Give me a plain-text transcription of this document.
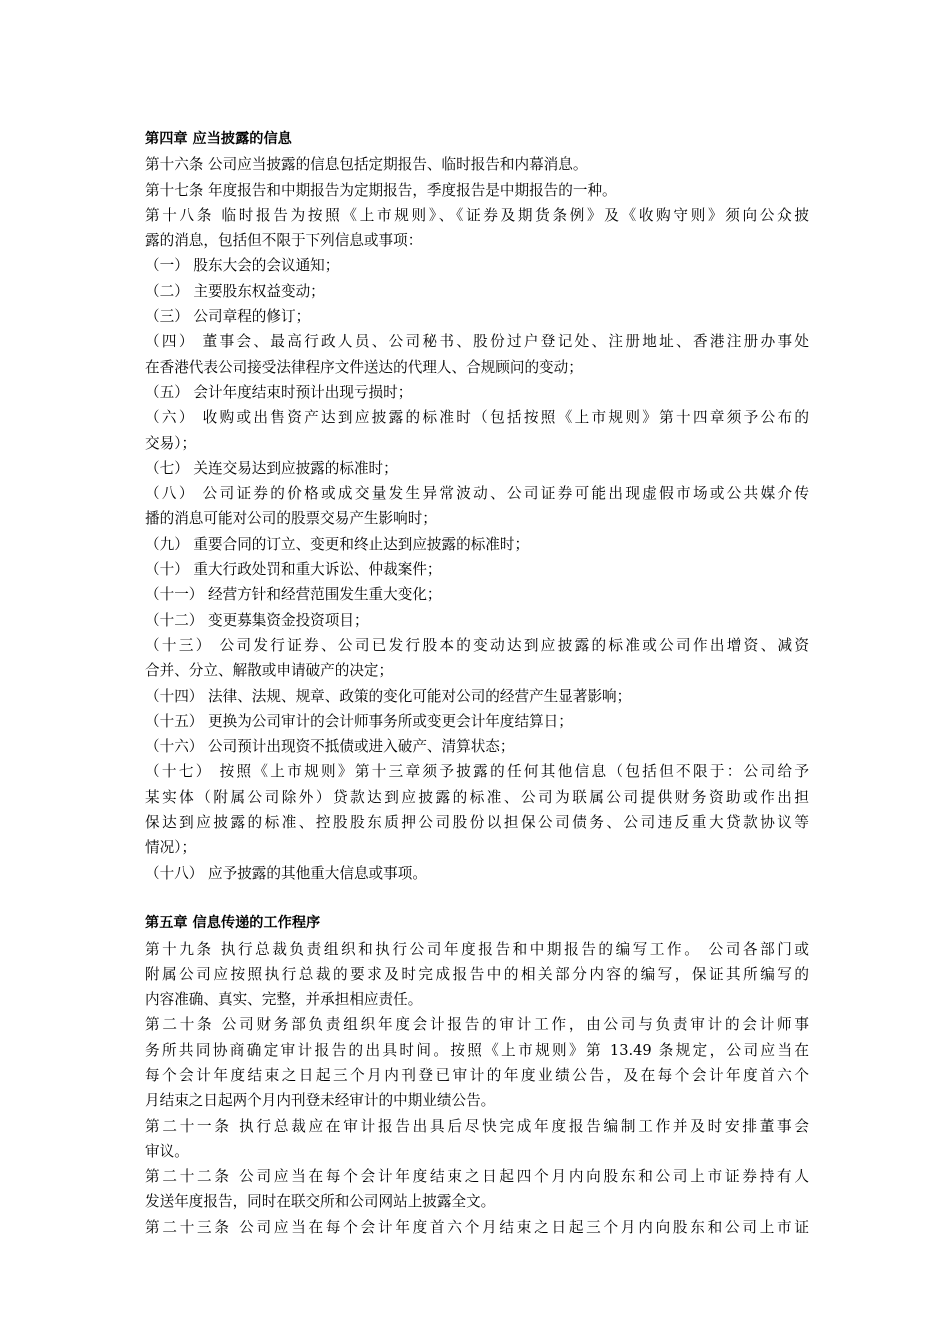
第四章 应当披露的信息
第十六条 公司应当披露的信息包括定期报告、临时报告和内幕消息。
第十七条 年度报告和中期报告为定期报告，季度报告是中期报告的一种。
第十八条 临时报告为按照《上市规则》、《证券及期货条例》及《收购守则》须向公众披
露的消息，包括但不限于下列信息或事项：
（一） 股东大会的会议通知；
（二） 主要股东权益变动；
（三） 公司章程的修订；
（四） 董事会、最高行政人员、公司秘书、股份过户登记处、注册地址、香港注册办事处
在香港代表公司接受法律程序文件送达的代理人、合规顾问的变动；
（五） 会计年度结束时预计出现亏损时；
（六） 收购或出售资产达到应披露的标准时（包括按照《上市规则》第十四章须予公布的
交易）；
（七） 关连交易达到应披露的标准时；
（八） 公司证券的价格或成交量发生异常波动、公司证券可能出现虚假市场或公共媒介传
播的消息可能对公司的股票交易产生影响时；
（九） 重要合同的订立、变更和终止达到应披露的标准时；
（十） 重大行政处罚和重大诉讼、仲裁案件；
（十一） 经营方针和经营范围发生重大变化；
（十二） 变更募集资金投资项目；
（十三） 公司发行证券、公司已发行股本的变动达到应披露的标准或公司作出增资、减资
合并、分立、解散或申请破产的决定；
（十四） 法律、法规、规章、政策的变化可能对公司的经营产生显著影响；
（十五） 更换为公司审计的会计师事务所或变更会计年度结算日；
（十六） 公司预计出现资不抵债或进入破产、清算状态；
（十七） 按照《上市规则》第十三章须予披露的任何其他信息（包括但不限于：公司给予
某实体（附属公司除外）贷款达到应披露的标准、公司为联属公司提供财务资助或作出担
保达到应披露的标准、控股股东质押公司股份以担保公司债务、公司违反重大贷款协议等
情况）；
（十八） 应予披露的其他重大信息或事项。
第五章 信息传递的工作程序
第十九条 执行总裁负责组织和执行公司年度报告和中期报告的编写工作。 公司各部门或
附属公司应按照执行总裁的要求及时完成报告中的相关部分内容的编写，保证其所编写的
内容准确、真实、完整，并承担相应责任。
第二十条 公司财务部负责组织年度会计报告的审计工作，由公司与负责审计的会计师事
务所共同协商确定审计报告的出具时间。按照《上市规则》第 13.49 条规定，公司应当在
每个会计年度结束之日起三个月内刊登已审计的年度业绩公告，及在每个会计年度首六个
月结束之日起两个月内刊登未经审计的中期业绩公告。
第二十一条 执行总裁应在审计报告出具后尽快完成年度报告编制工作并及时安排董事会
审议。
第二十二条 公司应当在每个会计年度结束之日起四个月内向股东和公司上市证券持有人
发送年度报告，同时在联交所和公司网站上披露全文。
第二十三条 公司应当在每个会计年度首六个月结束之日起三个月内向股东和公司上市证
